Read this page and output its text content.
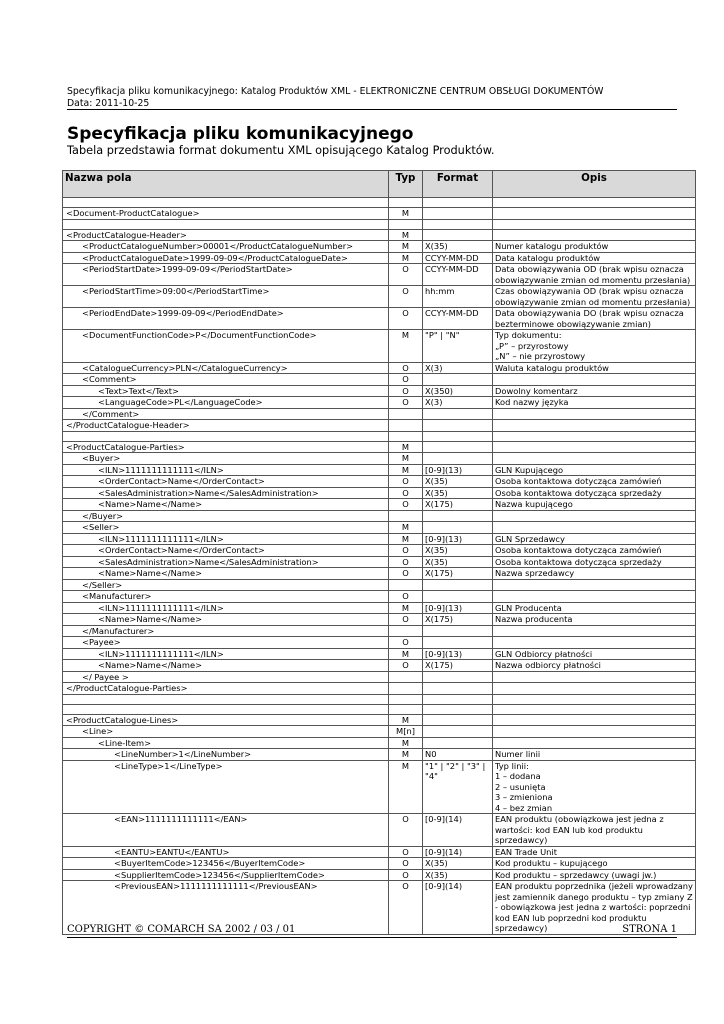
Specyfikacja pliku komunikacyjnego: Katalog Produktów XML - ELEKTRONICZNE CENTRUM OBSŁUGI DOKUMENTÓW
Data: 2011-10-25
Specyfikacja pliku komunikacyjnego
Tabela przedstawia format dokumentu XML opisującego Katalog Produktów.
Nazwa pola	Typ	Format	Opis

<Document-ProductCatalogue>	M		

<ProductCatalogue-Header>	M		
<ProductCatalogueNumber>00001</ProductCatalogueNumber>	M	X(35)	Numer katalogu produktów
<ProductCatalogueDate>1999-09-09</ProductCatalogueDate>	M	CCYY-MM-DD	Data katalogu produktów
<PeriodStartDate>1999-09-09</PeriodStartDate>	O	CCYY-MM-DD	Data obowiązywania OD (brak wpisu oznacza obowiązywanie zmian od momentu przesłania)
<PeriodStartTime>09:00</PeriodStartTime>	O	hh:mm	Czas obowiązywania OD (brak wpisu oznacza obowiązywanie zmian od momentu przesłania)
<PeriodEndDate>1999-09-09</PeriodEndDate>	O	CCYY-MM-DD	Data obowiązywania DO (brak wpisu oznacza bezterminowe obowiązywanie zmian)
<DocumentFunctionCode>P</DocumentFunctionCode>	M	"P" | "N"	Typ dokumentu:
„P” – przyrostowy
„N” – nie przyrostowy
<CatalogueCurrency>PLN</CatalogueCurrency>	O	X(3)	Waluta katalogu produktów
<Comment>	O		
<Text>Text</Text>	O	X(350)	Dowolny komentarz
<LanguageCode>PL</LanguageCode>	O	X(3)	Kod nazwy języka
</Comment>			
</ProductCatalogue-Header>			

<ProductCatalogue-Parties>	M		
<Buyer>	M		
<ILN>1111111111111</ILN>	M	[0-9](13)	GLN Kupującego
<OrderContact>Name</OrderContact>	O	X(35)	Osoba kontaktowa dotycząca zamówień
<SalesAdministration>Name</SalesAdministration>	O	X(35)	Osoba kontaktowa dotycząca sprzedaży
<Name>Name</Name>	O	X(175)	Nazwa kupującego
</Buyer>			
<Seller>	M		
<ILN>1111111111111</ILN>	M	[0-9](13)	GLN Sprzedawcy
<OrderContact>Name</OrderContact>	O	X(35)	Osoba kontaktowa dotycząca zamówień
<SalesAdministration>Name</SalesAdministration>	O	X(35)	Osoba kontaktowa dotycząca sprzedaży
<Name>Name</Name>	O	X(175)	Nazwa sprzedawcy
</Seller>			
<Manufacturer>	O		
<ILN>1111111111111</ILN>	M	[0-9](13)	GLN Producenta
<Name>Name</Name>	O	X(175)	Nazwa producenta
</Manufacturer>			
<Payee>	O		
<ILN>1111111111111</ILN>	M	[0-9](13)	GLN Odbiorcy płatności
<Name>Name</Name>	O	X(175)	Nazwa odbiorcy płatności
</ Payee >			
</ProductCatalogue-Parties>			

<ProductCatalogue-Lines>	M		
<Line>	M[n]		
<Line-Item>	M		
<LineNumber>1</LineNumber>	M	N0	Numer linii
<LineType>1</LineType>	M	"1" | "2" | "3" | "4"	Typ linii:
1 – dodana
2 – usunięta
3 – zmieniona
4 – bez zmian
<EAN>1111111111111</EAN>	O	[0-9](14)	EAN produktu (obowiązkowa jest jedna z wartości: kod EAN lub kod produktu sprzedawcy)
<EANTU>EANTU</EANTU>	O	[0-9](14)	EAN Trade Unit
<BuyerItemCode>123456</BuyerItemCode>	O	X(35)	Kod produktu – kupującego
<SupplierItemCode>123456</SupplierItemCode>	O	X(35)	Kod produktu – sprzedawcy (uwagi jw.)
<PreviousEAN>1111111111111</PreviousEAN>	O	[0-9](14)	EAN produktu poprzednika (jeżeli wprowadzany jest zamiennik danego produktu – typ zmiany Z - obowiązkowa jest jedna z wartości: poprzedni kod EAN lub poprzedni kod produktu sprzedawcy)
COPYRIGHT © COMARCH SA 2002 / 03 / 01	STRONA 1
